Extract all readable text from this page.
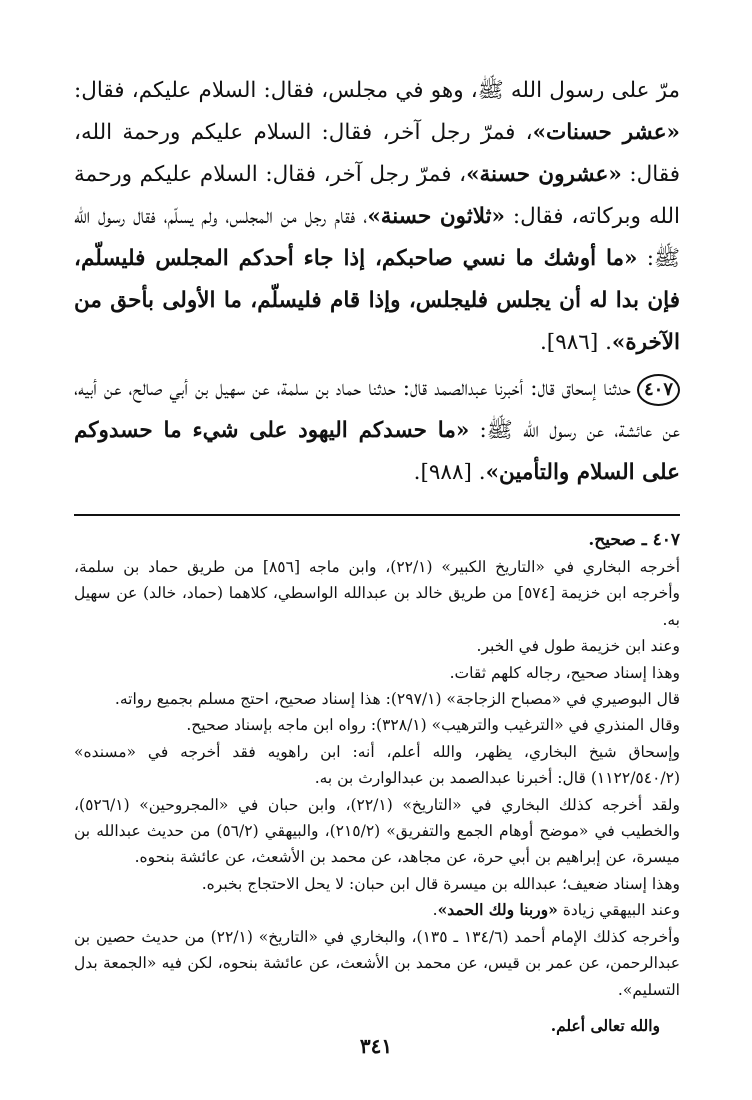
مرّ على رسول الله ﷺ، وهو في مجلس، فقال: السلام عليكم، فقال: «عشر حسنات»، فمرّ رجل آخر، فقال: السلام عليكم ورحمة الله، فقال: «عشرون حسنة»، فمرّ رجل آخر، فقال: السلام عليكم ورحمة الله وبركاته، فقال: «ثلاثون حسنة»، فقام رجل من المجلس، ولم يسلّم، فقال رسول الله ﷺ: «ما أوشك ما نسي صاحبكم، إذا جاء أحدكم المجلس فليسلّم، فإن بدا له أن يجلس فليجلس، وإذا قام فليسلّم، ما الأولى بأحق من الآخرة». [٩٨٦].

٤٠٧حدثنا إسحاق قال: أخبرنا عبدالصمد قال: حدثنا حماد بن سلمة، عن سهيل بن أبي صالح، عن أبيه، عن عائشة، عن رسول الله ﷺ: «ما حسدكم اليهود على شيء ما حسدوكم على السلام والتأمين». [٩٨٨].

٤٠٧ ـ صحيح.

أخرجه البخاري في «التاريخ الكبير» (٢٢/١)، وابن ماجه [٨٥٦] من طريق حماد بن سلمة، وأخرجه ابن خزيمة [٥٧٤] من طريق خالد بن عبدالله الواسطي، كلاهما (حماد، خالد) عن سهيل به.

وعند ابن خزيمة طول في الخبر.

وهذا إسناد صحيح، رجاله كلهم ثقات.

قال البوصيري في «مصباح الزجاجة» (٢٩٧/١): هذا إسناد صحيح، احتج مسلم بجميع رواته.

وقال المنذري في «الترغيب والترهيب» (٣٢٨/١): رواه ابن ماجه بإسناد صحيح.

وإسحاق شيخ البخاري، يظهر، والله أعلم، أنه: ابن راهويه فقد أخرجه في «مسنده» (١١٢٢/٥٤٠/٢) قال: أخبرنا عبدالصمد بن عبدالوارث بن به.

ولقد أخرجه كذلك البخاري في «التاريخ» (٢٢/١)، وابن حبان في «المجروحين» (٥٢٦/١)، والخطيب في «موضح أوهام الجمع والتفريق» (٢١٥/٢)، والبيهقي (٥٦/٢) من حديث عبدالله بن ميسرة، عن إبراهيم بن أبي حرة، عن مجاهد، عن محمد بن الأشعث، عن عائشة بنحوه.

وهذا إسناد ضعيف؛ عبدالله بن ميسرة قال ابن حبان: لا يحل الاحتجاج بخبره.

وعند البيهقي زيادة «وربنا ولك الحمد».

وأخرجه كذلك الإمام أحمد (١٣٤/٦ ـ ١٣٥)، والبخاري في «التاريخ» (٢٢/١) من حديث حصين بن عبدالرحمن، عن عمر بن قيس، عن محمد بن الأشعث، عن عائشة بنحوه، لكن فيه «الجمعة بدل التسليم».

والله تعالى أعلم.

٣٤١
